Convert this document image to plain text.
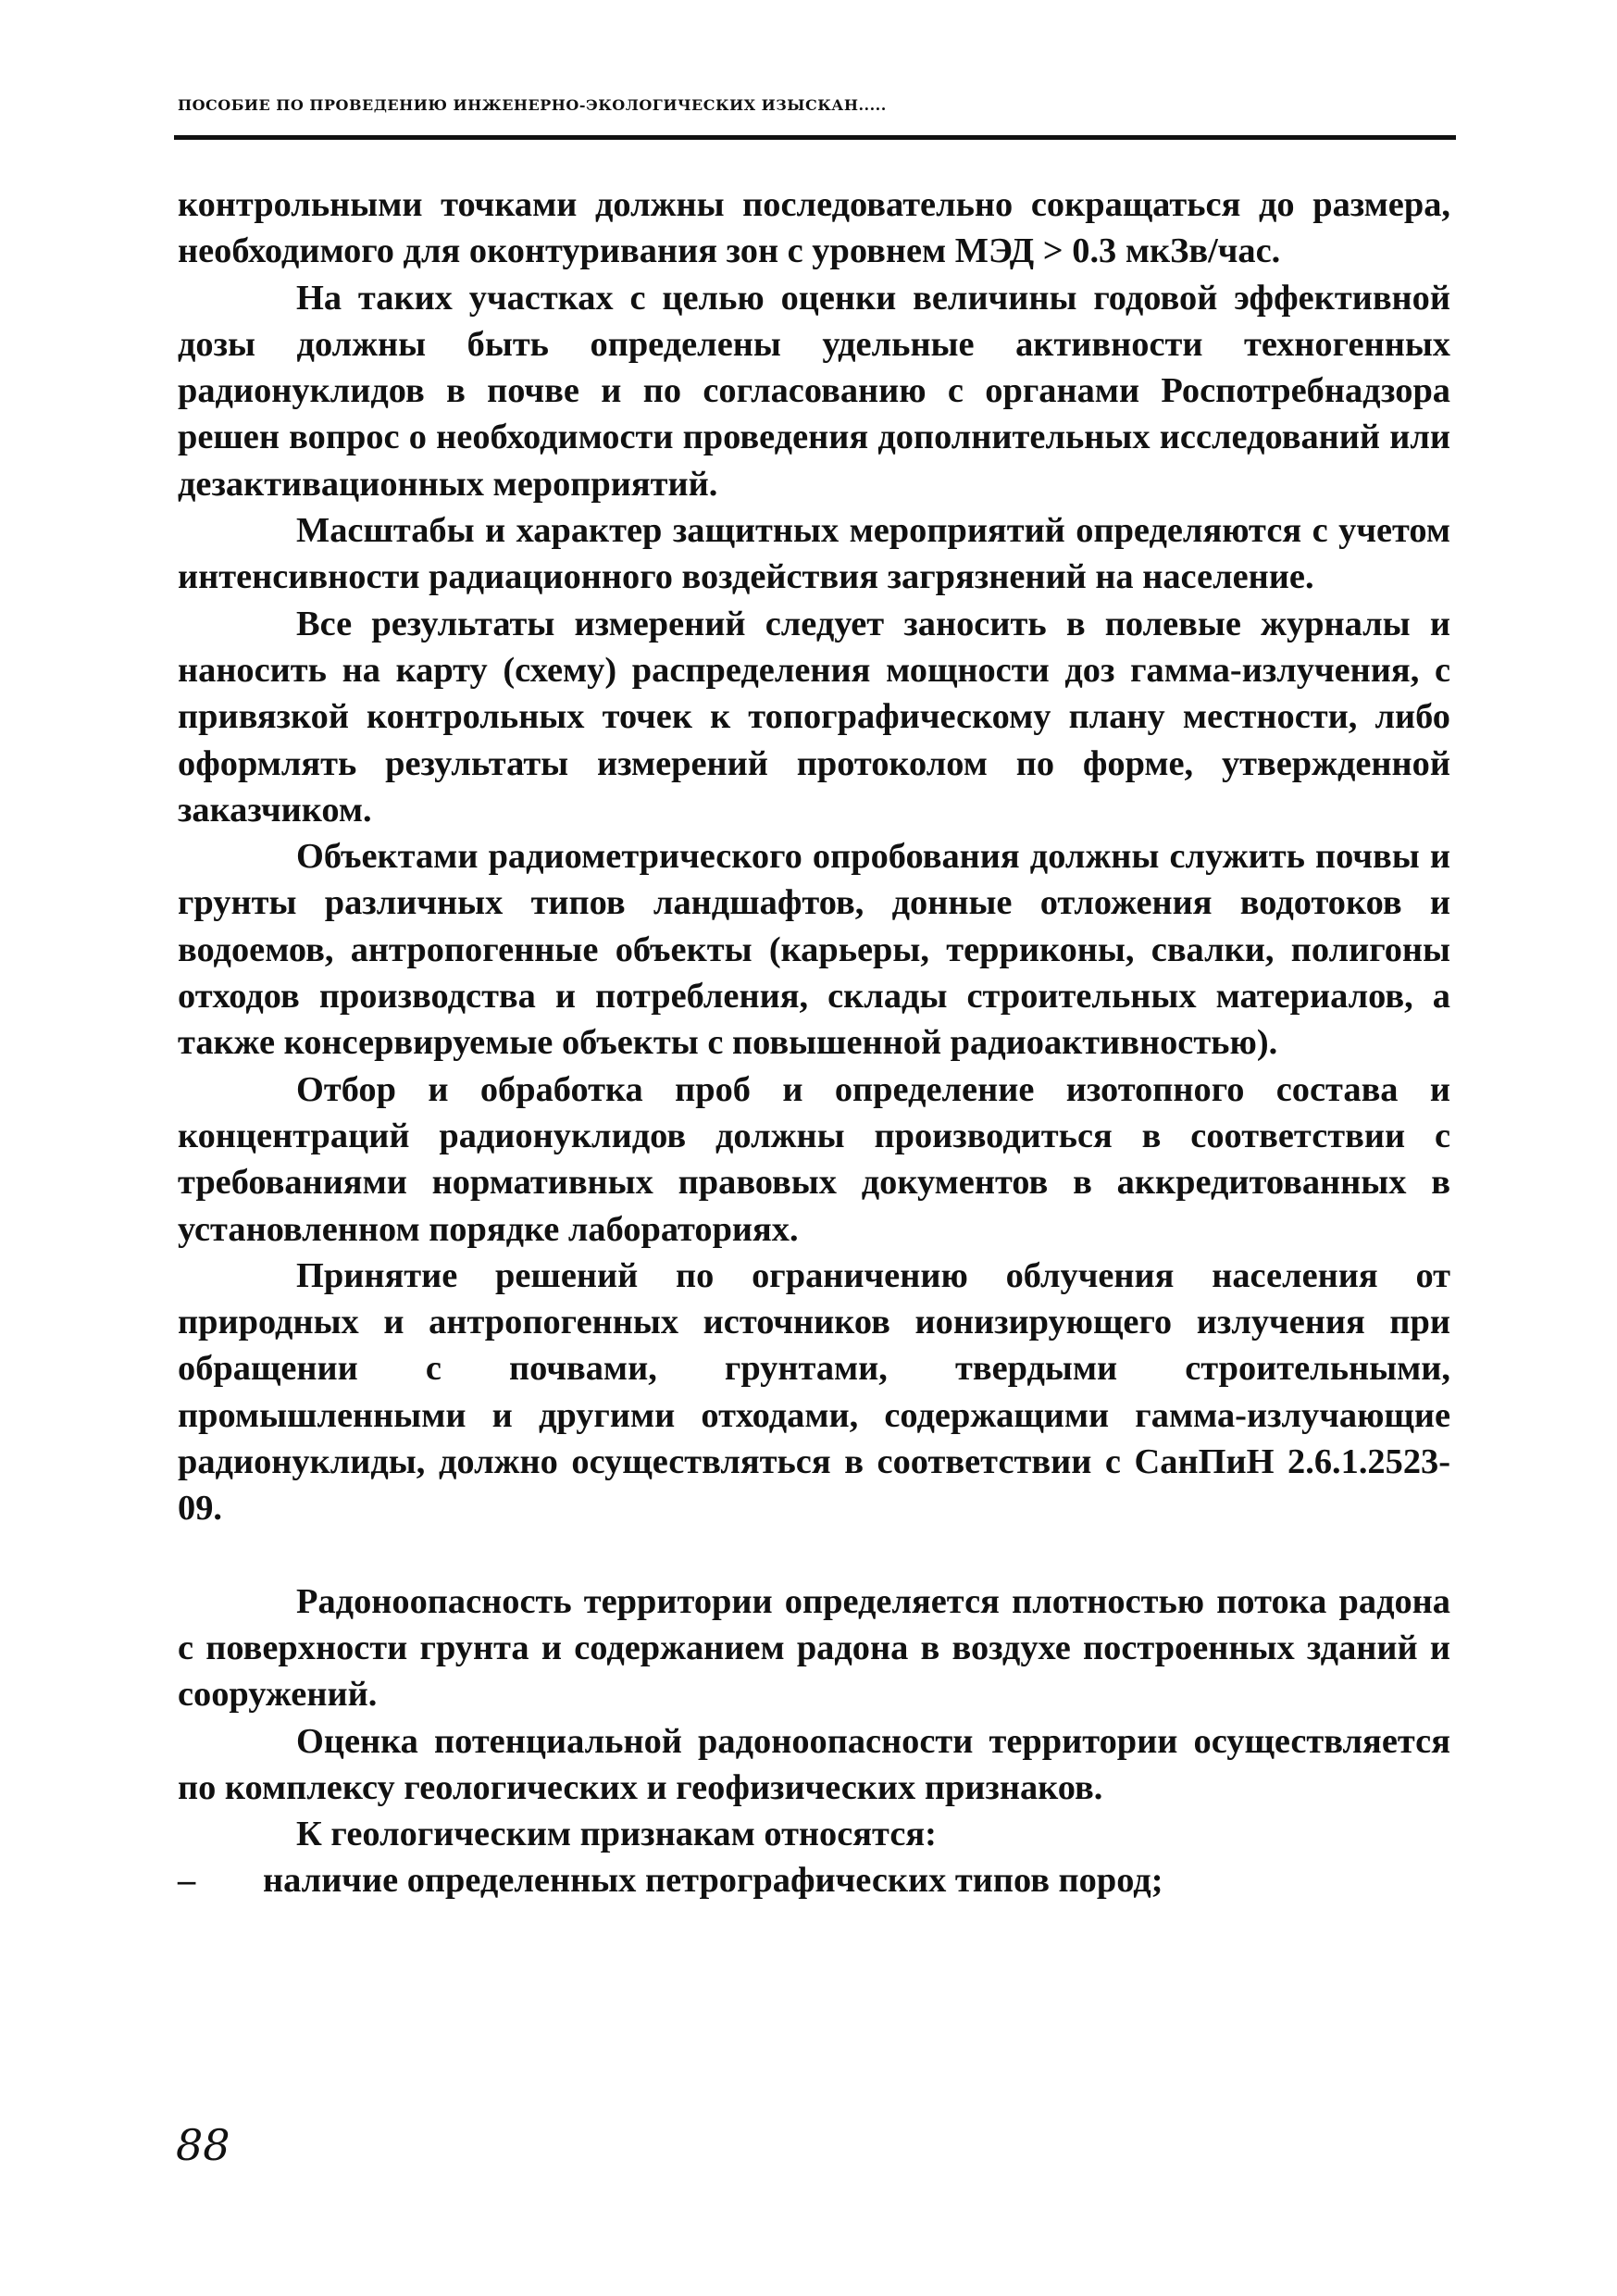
ПОСОБИЕ ПО ПРОВЕДЕНИЮ ИНЖЕНЕРНО-ЭКОЛОГИЧЕСКИХ ИЗЫСКАН.....

контрольными точками должны последовательно сокращаться до размера, необходимого для оконтуривания зон с уровнем МЭД > 0.3 мкЗв/час.

На таких участках с целью оценки величины годовой эффективной дозы должны быть определены удельные активности техногенных радионуклидов в почве и по согласованию с органами Роспотребнадзора решен вопрос о необходимости проведения дополнительных исследований или дезактивационных мероприятий.

Масштабы и характер защитных мероприятий определяются с учетом интенсивности радиационного воздействия загрязнений на население.

Все результаты измерений следует заносить в полевые журналы и наносить на карту (схему) распределения мощности доз гамма-излучения, с привязкой контрольных точек к топографическому плану местности, либо оформлять результаты измерений протоколом по форме, утвержденной заказчиком.

Объектами радиометрического опробования должны служить почвы и грунты различных типов ландшафтов, донные отложения водотоков и водоемов, антропогенные объекты (карьеры, терриконы, свалки, полигоны отходов производства и потребления, склады строительных материалов, а также консервируемые объекты с повышенной радиоактивностью).

Отбор и обработка проб и определение изотопного состава и концентраций радионуклидов должны производиться в соответствии с требованиями нормативных правовых документов в аккредитованных в установленном порядке лабораториях.

Принятие решений по ограничению облучения населения от природных и антропогенных источников ионизирующего излучения при обращении с почвами, грунтами, твердыми строительными, промышленными и другими отходами, содержащими гамма-излучающие радионуклиды, должно осуществляться в соответствии с СанПиН 2.6.1.2523-09.

Радоноопасность территории определяется плотностью потока радона с поверхности грунта и содержанием радона в воздухе построенных зданий и сооружений.

Оценка потенциальной радоноопасности территории осуществляется по комплексу геологических и геофизических признаков.

К геологическим признакам относятся:

–	наличие определенных петрографических типов пород;
88
